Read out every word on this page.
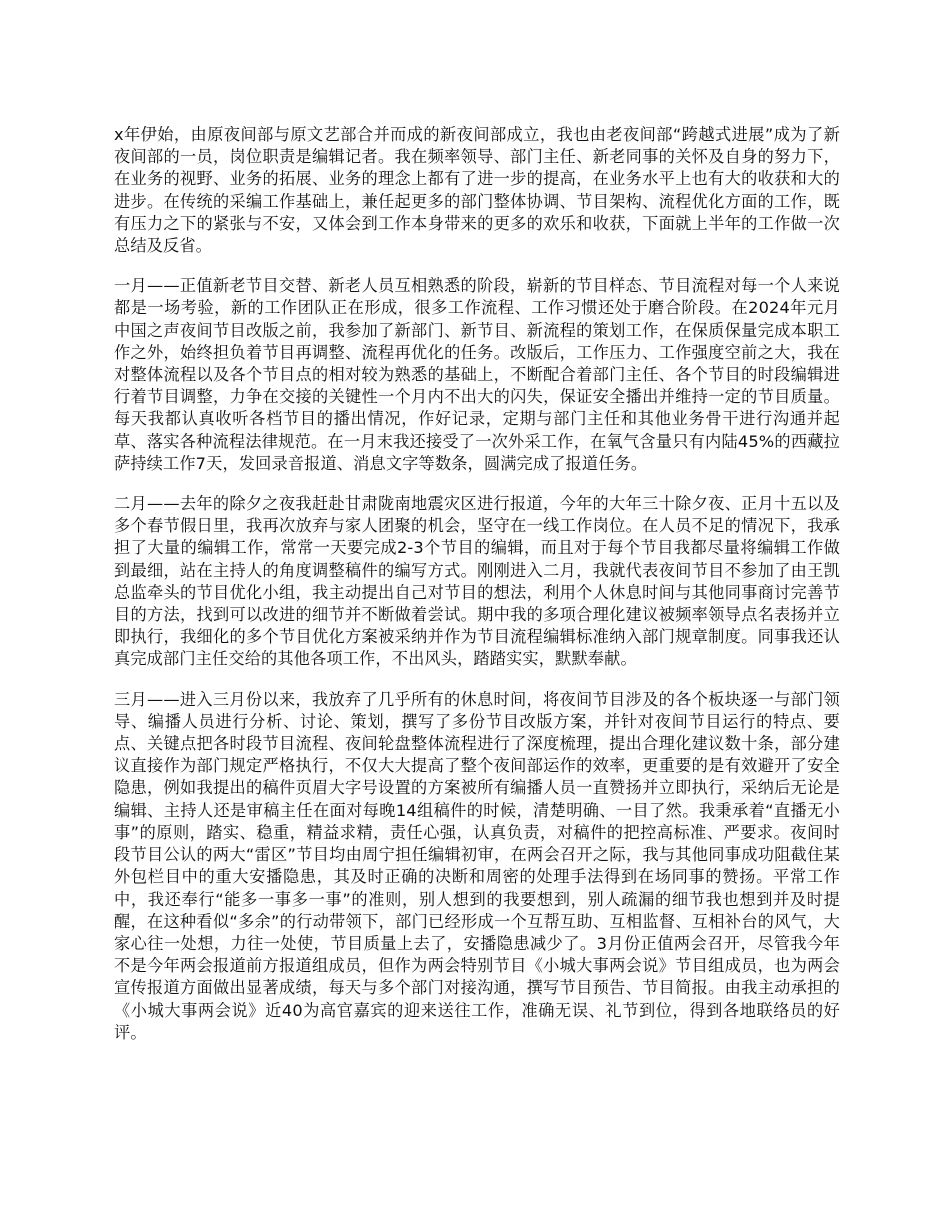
x年伊始，由原夜间部与原文艺部合并而成的新夜间部成立，我也由老夜间部“跨越式进展”成为了新夜间部的一员，岗位职责是编辑记者。我在频率领导、部门主任、新老同事的关怀及自身的努力下，在业务的视野、业务的拓展、业务的理念上都有了进一步的提高，在业务水平上也有大的收获和大的进步。在传统的采编工作基础上，兼任起更多的部门整体协调、节目架构、流程优化方面的工作，既有压力之下的紧张与不安，又体会到工作本身带来的更多的欢乐和收获，下面就上半年的工作做一次总结及反省。

一月——正值新老节目交替、新老人员互相熟悉的阶段，崭新的节目样态、节目流程对每一个人来说都是一场考验，新的工作团队正在形成，很多工作流程、工作习惯还处于磨合阶段。在2024年元月中国之声夜间节目改版之前，我参加了新部门、新节目、新流程的策划工作，在保质保量完成本职工作之外，始终担负着节目再调整、流程再优化的任务。改版后，工作压力、工作强度空前之大，我在对整体流程以及各个节目点的相对较为熟悉的基础上，不断配合着部门主任、各个节目的时段编辑进行着节目调整，力争在交接的关键性一个月内不出大的闪失，保证安全播出并维持一定的节目质量。每天我都认真收听各档节目的播出情况，作好记录，定期与部门主任和其他业务骨干进行沟通并起草、落实各种流程法律规范。在一月末我还接受了一次外采工作，在氧气含量只有内陆45%的西藏拉萨持续工作7天，发回录音报道、消息文字等数条，圆满完成了报道任务。

二月——去年的除夕之夜我赶赴甘肃陇南地震灾区进行报道，今年的大年三十除夕夜、正月十五以及多个春节假日里，我再次放弃与家人团聚的机会，坚守在一线工作岗位。在人员不足的情况下，我承担了大量的编辑工作，常常一天要完成2-3个节目的编辑，而且对于每个节目我都尽量将编辑工作做到最细，站在主持人的角度调整稿件的编写方式。刚刚进入二月，我就代表夜间节目不参加了由王凯总监牵头的节目优化小组，我主动提出自己对节目的想法，利用个人休息时间与其他同事商讨完善节目的方法，找到可以改进的细节并不断做着尝试。期中我的多项合理化建议被频率领导点名表扬并立即执行，我细化的多个节目优化方案被采纳并作为节目流程编辑标准纳入部门规章制度。同事我还认真完成部门主任交给的其他各项工作，不出风头，踏踏实实，默默奉献。

三月——进入三月份以来，我放弃了几乎所有的休息时间，将夜间节目涉及的各个板块逐一与部门领导、编播人员进行分析、讨论、策划，撰写了多份节目改版方案，并针对夜间节目运行的特点、要点、关键点把各时段节目流程、夜间轮盘整体流程进行了深度梳理，提出合理化建议数十条，部分建议直接作为部门规定严格执行，不仅大大提高了整个夜间部运作的效率，更重要的是有效避开了安全隐患，例如我提出的稿件页眉大字号设置的方案被所有编播人员一直赞扬并立即执行，采纳后无论是编辑、主持人还是审稿主任在面对每晚14组稿件的时候，清楚明确、一目了然。我秉承着“直播无小事”的原则，踏实、稳重，精益求精，责任心强，认真负责，对稿件的把控高标准、严要求。夜间时段节目公认的两大“雷区”节目均由周宁担任编辑初审，在两会召开之际，我与其他同事成功阻截住某外包栏目中的重大安播隐患，其及时正确的决断和周密的处理手法得到在场同事的赞扬。平常工作中，我还奉行“能多一事多一事”的准则，别人想到的我要想到，别人疏漏的细节我也想到并及时提醒，在这种看似“多余”的行动带领下，部门已经形成一个互帮互助、互相监督、互相补台的风气，大家心往一处想，力往一处使，节目质量上去了，安播隐患减少了。3月份正值两会召开，尽管我今年不是今年两会报道前方报道组成员，但作为两会特别节目《小城大事两会说》节目组成员，也为两会宣传报道方面做出显著成绩，每天与多个部门对接沟通，撰写节目预告、节目简报。由我主动承担的《小城大事两会说》近40为高官嘉宾的迎来送往工作，准确无误、礼节到位，得到各地联络员的好评。
